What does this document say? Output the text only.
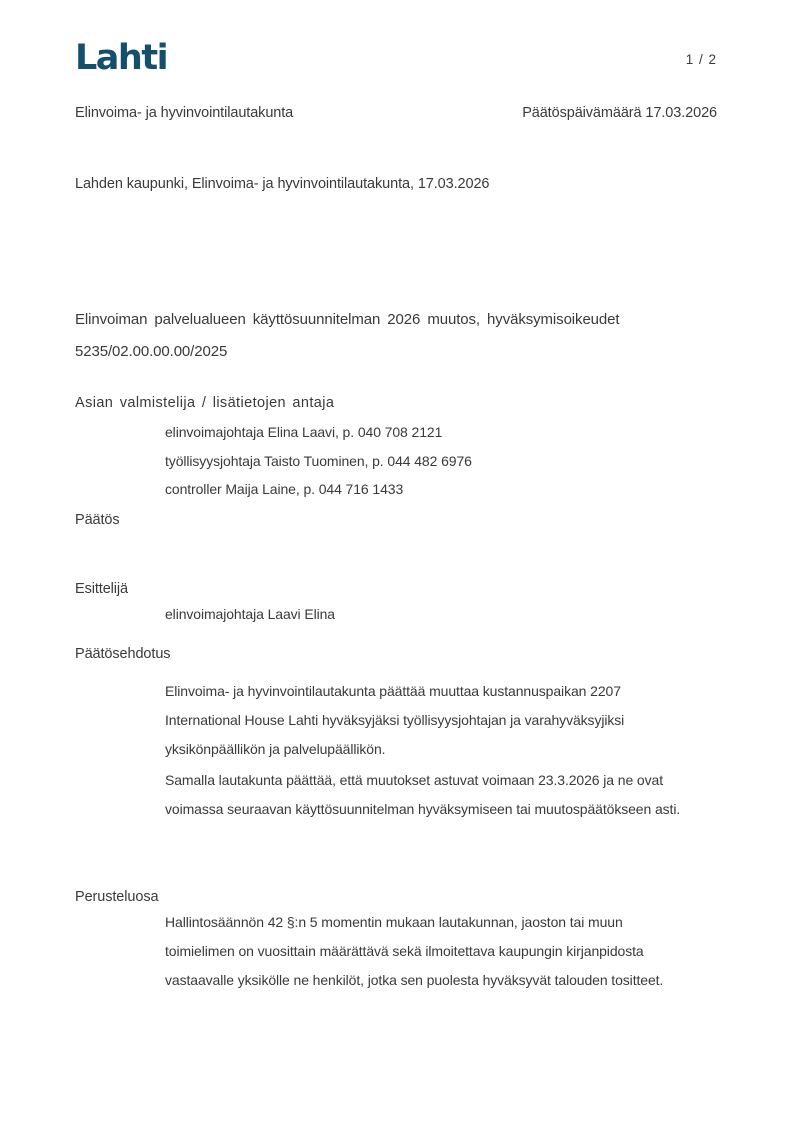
Lahti	1 / 2
Elinvoima- ja hyvinvointilautakunta	Päätöspäivämäärä 17.03.2026
Lahden kaupunki, Elinvoima- ja hyvinvointilautakunta, 17.03.2026
Elinvoiman palvelualueen käyttösuunnitelman 2026 muutos, hyväksymisoikeudet
5235/02.00.00.00/2025
Asian valmistelija / lisätietojen antaja
elinvoimajohtaja Elina Laavi, p. 040 708 2121
työllisyysjohtaja Taisto Tuominen, p. 044 482 6976
controller Maija Laine, p. 044 716 1433
Päätös
Esittelijä
elinvoimajohtaja Laavi Elina
Päätösehdotus
Elinvoima- ja hyvinvointilautakunta päättää muuttaa kustannuspaikan 2207
International House Lahti hyväksyjäksi työllisyysjohtajan ja varahyväksyjiksi
yksikönpäällikön ja palvelupäällikön.
Samalla lautakunta päättää, että muutokset astuvat voimaan 23.3.2026 ja ne ovat
voimassa seuraavan käyttösuunnitelman hyväksymiseen tai muutospäätökseen asti.
Perusteluosa
Hallintosäännön 42 §:n 5 momentin mukaan lautakunnan, jaoston tai muun
toimielimen on vuosittain määrättävä sekä ilmoitettava kaupungin kirjanpidosta
vastaavalle yksikölle ne henkilöt, jotka sen puolesta hyväksyvät talouden tositteet.
